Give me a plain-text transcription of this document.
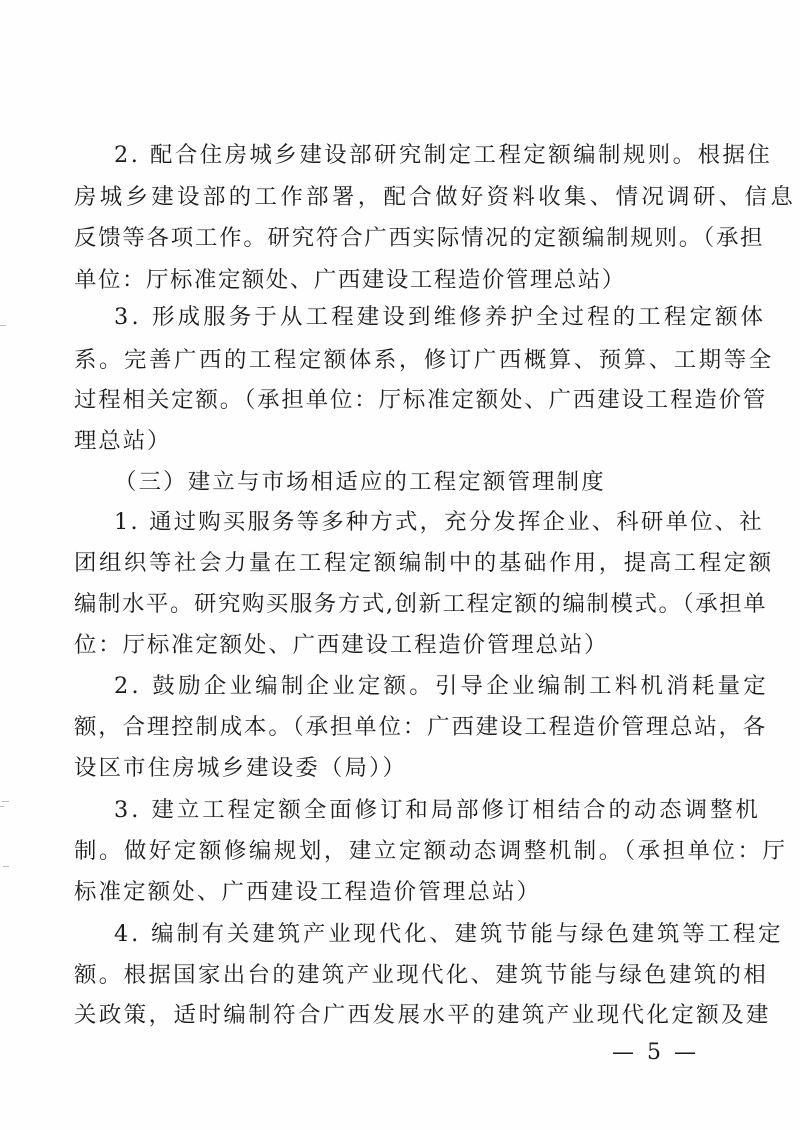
2. 配合住房城乡建设部研究制定工程定额编制规则。根据住
房城乡建设部的工作部署，配合做好资料收集、情况调研、信息
反馈等各项工作。研究符合广西实际情况的定额编制规则。（承担
单位：厅标准定额处、广西建设工程造价管理总站）
3. 形成服务于从工程建设到维修养护全过程的工程定额体
系。完善广西的工程定额体系，修订广西概算、预算、工期等全
过程相关定额。（承担单位：厅标准定额处、广西建设工程造价管
理总站）
（三）建立与市场相适应的工程定额管理制度
1. 通过购买服务等多种方式，充分发挥企业、科研单位、社
团组织等社会力量在工程定额编制中的基础作用，提高工程定额
编制水平。研究购买服务方式,创新工程定额的编制模式。（承担单
位：厅标准定额处、广西建设工程造价管理总站）
2. 鼓励企业编制企业定额。引导企业编制工料机消耗量定
额，合理控制成本。（承担单位：广西建设工程造价管理总站，各
设区市住房城乡建设委（局））
3. 建立工程定额全面修订和局部修订相结合的动态调整机
制。做好定额修编规划，建立定额动态调整机制。（承担单位：厅
标准定额处、广西建设工程造价管理总站）
4. 编制有关建筑产业现代化、建筑节能与绿色建筑等工程定
额。根据国家出台的建筑产业现代化、建筑节能与绿色建筑的相
关政策，适时编制符合广西发展水平的建筑产业现代化定额及建
— 5 —
